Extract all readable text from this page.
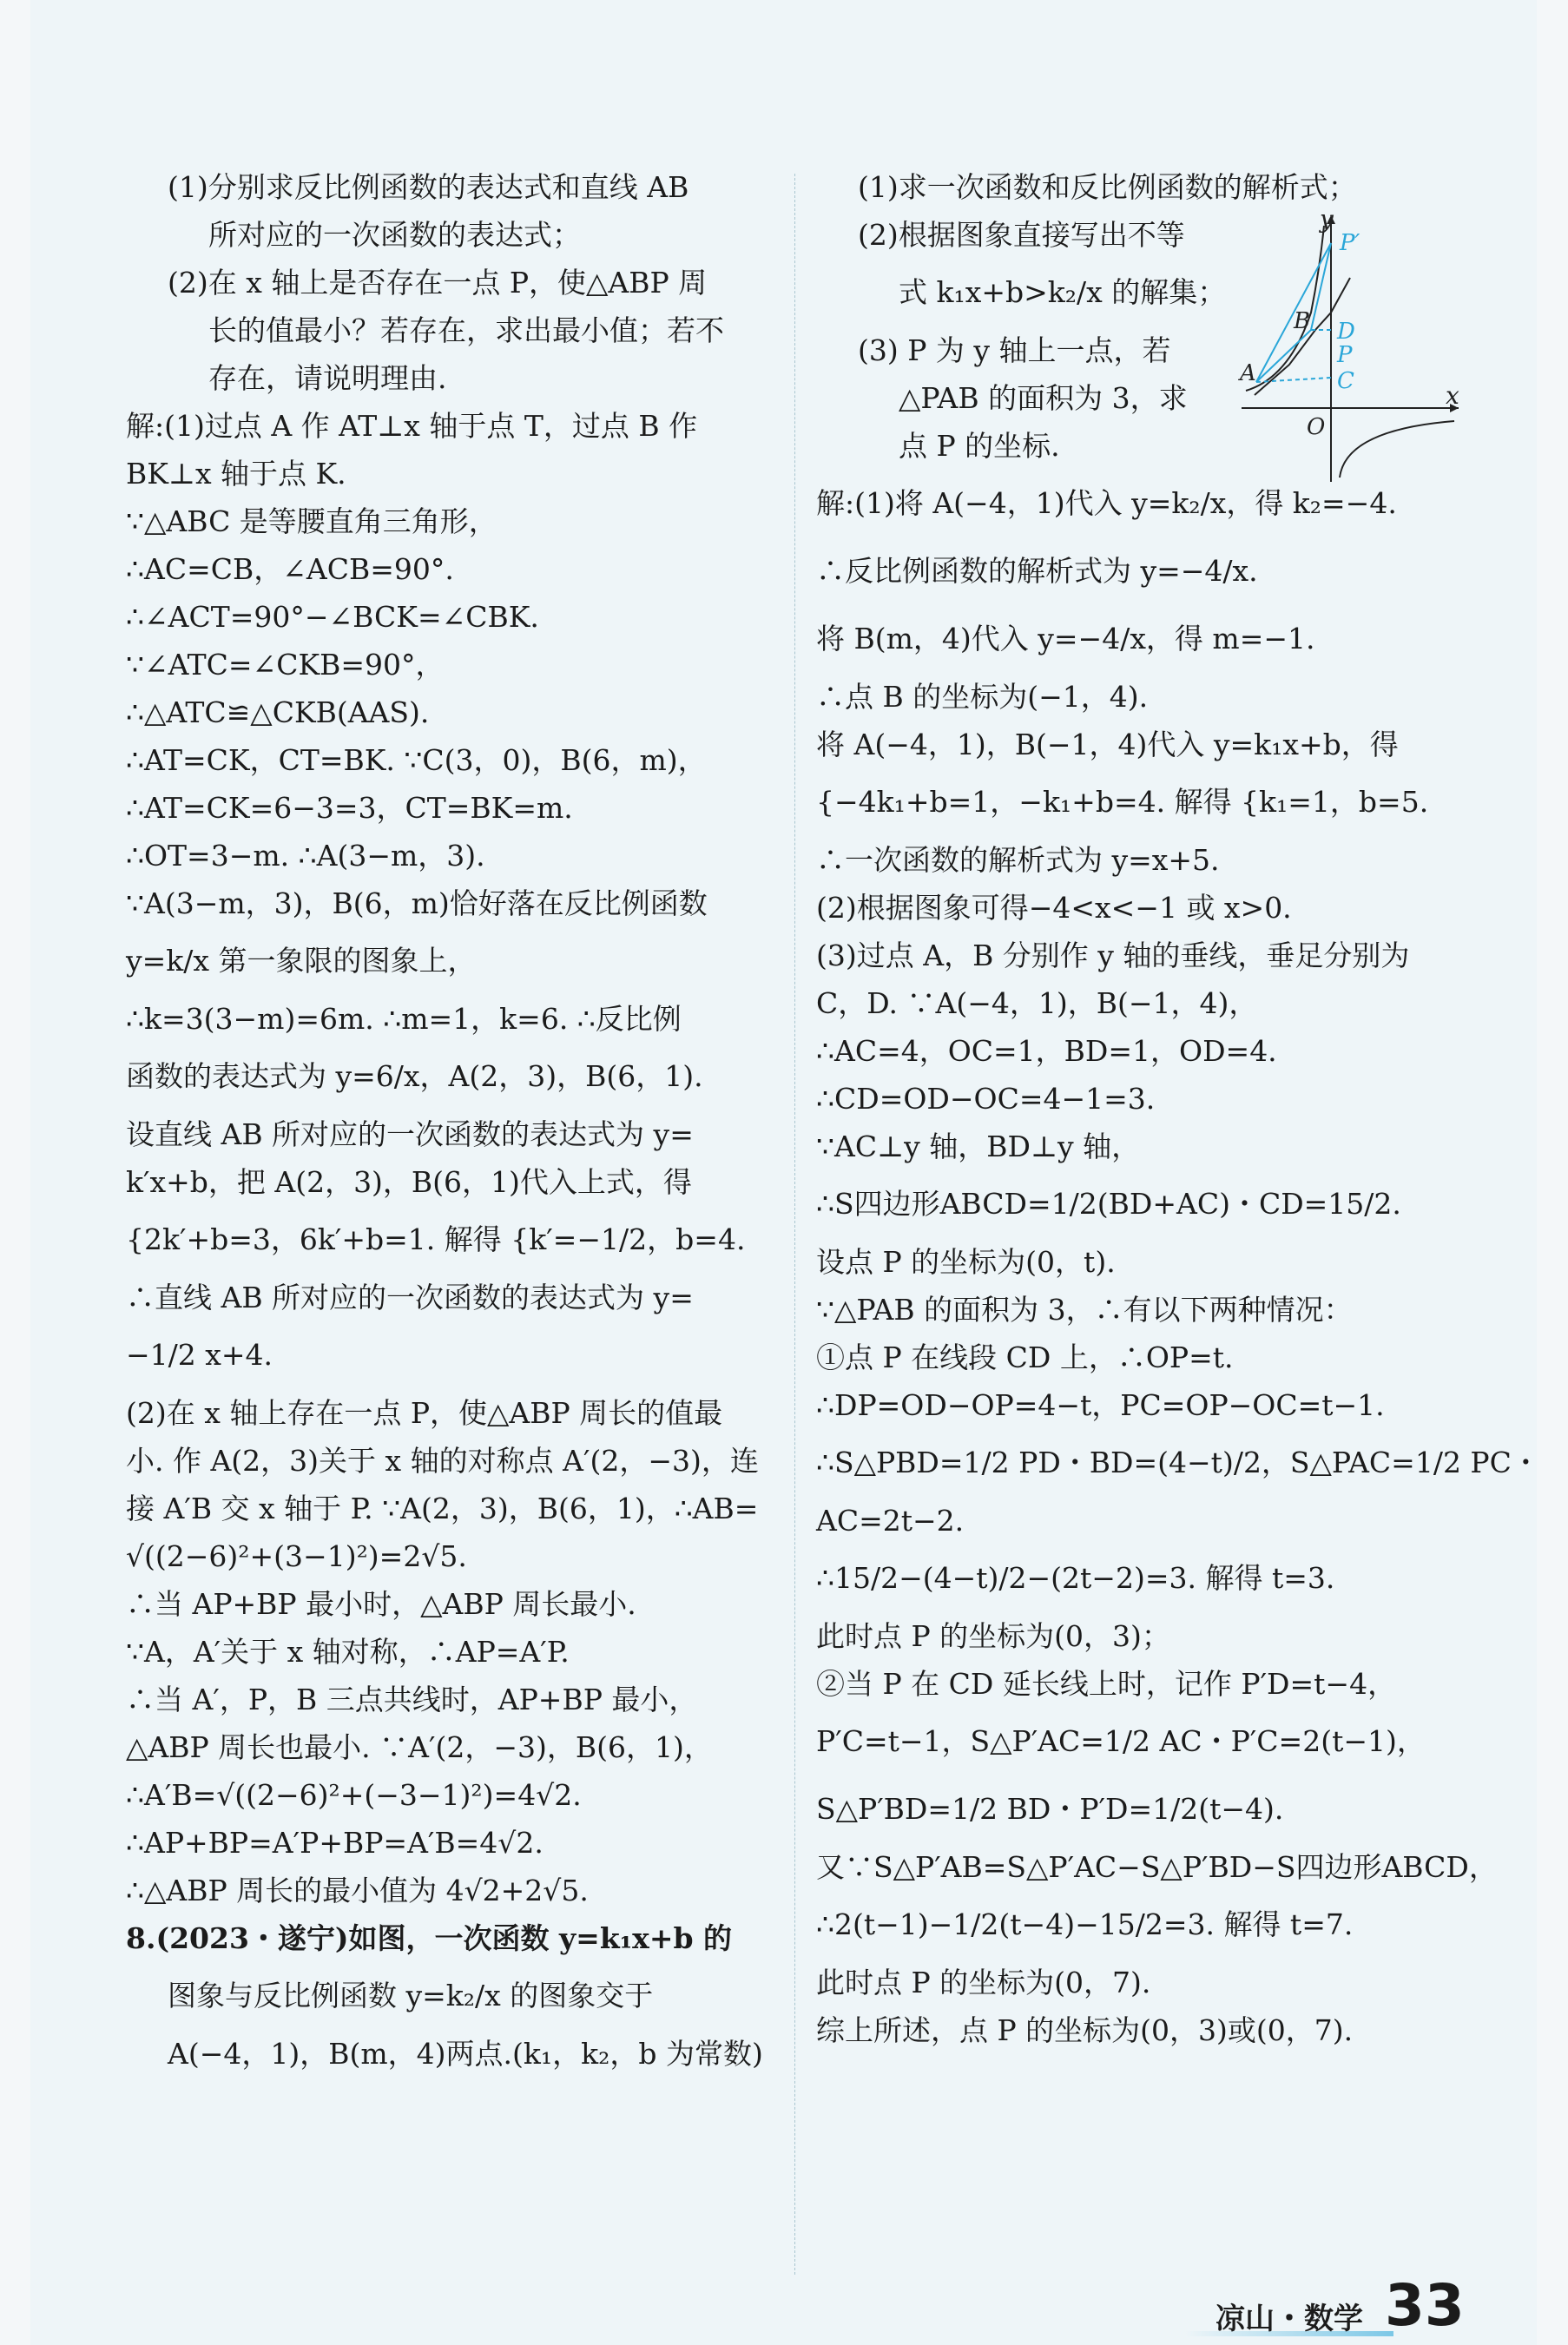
(1)分别求反比例函数的表达式和直线 AB
所对应的一次函数的表达式；
(2)在 x 轴上是否存在一点 P，使△ABP 周
长的值最小？若存在，求出最小值；若不
存在，请说明理由.
解:(1)过点 A 作 AT⊥x 轴于点 T，过点 B 作
BK⊥x 轴于点 K.
∵△ABC 是等腰直角三角形，
∴AC=CB，∠ACB=90°.
∴∠ACT=90°−∠BCK=∠CBK.
∵∠ATC=∠CKB=90°，
∴△ATC≌△CKB(AAS).
∴AT=CK，CT=BK. ∵C(3，0)，B(6，m)，
∴AT=CK=6−3=3，CT=BK=m.
∴OT=3−m. ∴A(3−m，3).
∵A(3−m，3)，B(6，m)恰好落在反比例函数
y=k/x 第一象限的图象上，
∴k=3(3−m)=6m. ∴m=1，k=6. ∴反比例
函数的表达式为 y=6/x，A(2，3)，B(6，1).
设直线 AB 所对应的一次函数的表达式为 y=
k′x+b，把 A(2，3)，B(6，1)代入上式，得
{2k′+b=3，6k′+b=1. 解得 {k′=−1/2，b=4.
∴直线 AB 所对应的一次函数的表达式为 y=
−1/2 x+4.
(2)在 x 轴上存在一点 P，使△ABP 周长的值最
小. 作 A(2，3)关于 x 轴的对称点 A′(2，−3)，连
接 A′B 交 x 轴于 P. ∵A(2，3)，B(6，1)，∴AB=
√((2−6)²+(3−1)²)=2√5.
∴当 AP+BP 最小时，△ABP 周长最小.
∵A，A′关于 x 轴对称，∴AP=A′P.
∴当 A′，P，B 三点共线时，AP+BP 最小，
△ABP 周长也最小. ∵A′(2，−3)，B(6，1)，
∴A′B=√((2−6)²+(−3−1)²)=4√2.
∴AP+BP=A′P+BP=A′B=4√2.
∴△ABP 周长的最小值为 4√2+2√5.
8.(2023・遂宁)如图，一次函数 y=k₁x+b 的
图象与反比例函数 y=k₂/x 的图象交于
A(−4，1)，B(m，4)两点.(k₁，k₂，b 为常数)
(1)求一次函数和反比例函数的解析式；
(2)根据图象直接写出不等
式 k₁x+b>k₂/x 的解集；
(3) P 为 y 轴上一点，若
△PAB 的面积为 3，求
点 P 的坐标.
解:(1)将 A(−4，1)代入 y=k₂/x，得 k₂=−4.
∴反比例函数的解析式为 y=−4/x.
将 B(m，4)代入 y=−4/x，得 m=−1.
∴点 B 的坐标为(−1，4).
将 A(−4，1)，B(−1，4)代入 y=k₁x+b，得
{−4k₁+b=1，−k₁+b=4. 解得 {k₁=1，b=5.
∴一次函数的解析式为 y=x+5.
(2)根据图象可得−4<x<−1 或 x>0.
(3)过点 A，B 分别作 y 轴的垂线，垂足分别为
C，D. ∵A(−4，1)，B(−1，4)，
∴AC=4，OC=1，BD=1，OD=4.
∴CD=OD−OC=4−1=3.
∵AC⊥y 轴，BD⊥y 轴，
∴S四边形ABCD=1/2(BD+AC)・CD=15/2.
设点 P 的坐标为(0，t).
∵△PAB 的面积为 3，∴有以下两种情况：
①点 P 在线段 CD 上，∴OP=t.
∴DP=OD−OP=4−t，PC=OP−OC=t−1.
∴S△PBD=1/2 PD・BD=(4−t)/2，S△PAC=1/2 PC・
AC=2t−2.
∴15/2−(4−t)/2−(2t−2)=3. 解得 t=3.
此时点 P 的坐标为(0，3)；
②当 P 在 CD 延长线上时，记作 P′D=t−4，
P′C=t−1，S△P′AC=1/2 AC・P′C=2(t−1)，
S△P′BD=1/2 BD・P′D=1/2(t−4).
又∵S△P′AB=S△P′AC−S△P′BD−S四边形ABCD，
∴2(t−1)−1/2(t−4)−15/2=3. 解得 t=7.
此时点 P 的坐标为(0，7).
综上所述，点 P 的坐标为(0，3)或(0，7).
y
P′
B D
P
C
A
O
x
凉山・数学 33
